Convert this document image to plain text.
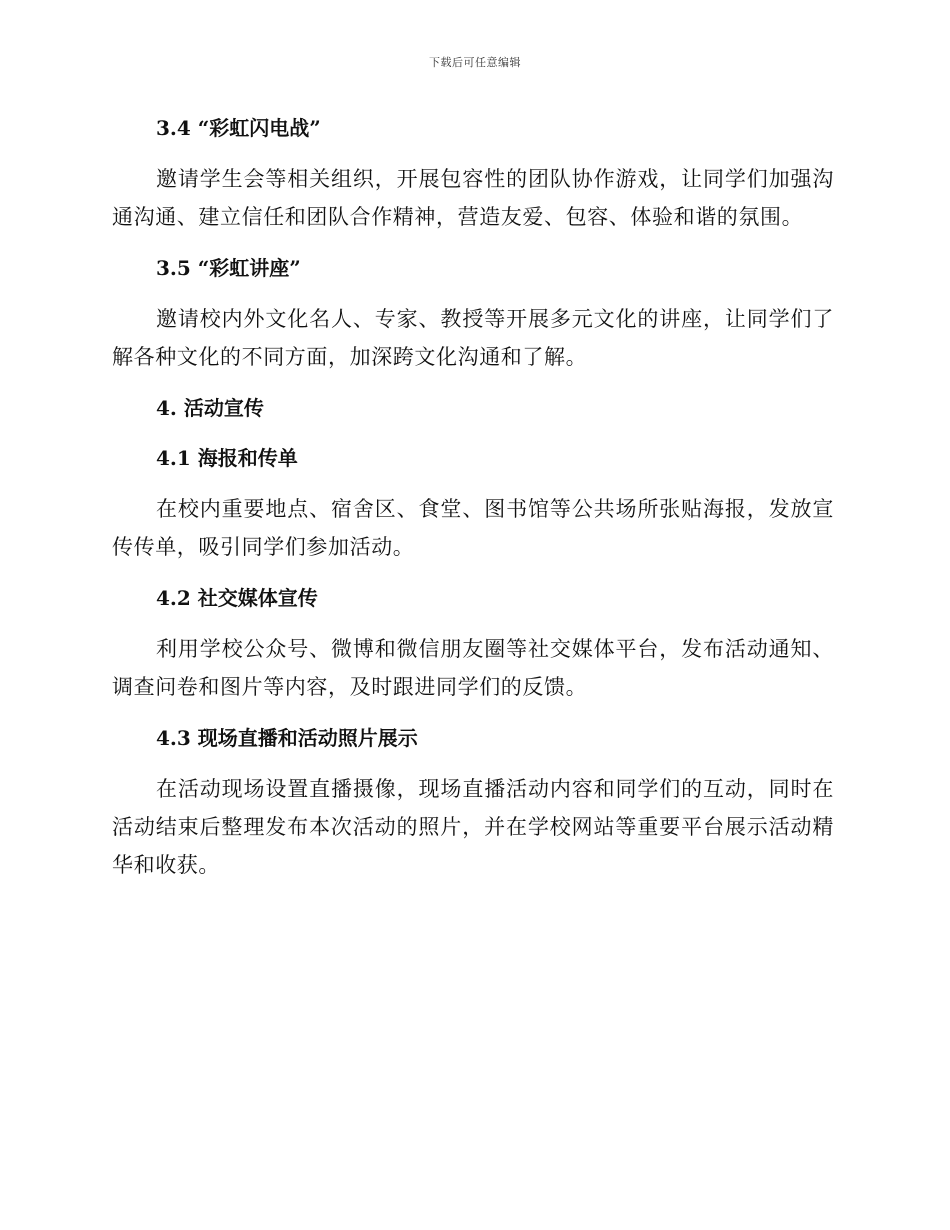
下载后可任意编辑
3.4 “彩虹闪电战”

邀请学生会等相关组织，开展包容性的团队协作游戏，让同学们加强沟通沟通、建立信任和团队合作精神，营造友爱、包容、体验和谐的氛围。

3.5 “彩虹讲座”

邀请校内外文化名人、专家、教授等开展多元文化的讲座，让同学们了解各种文化的不同方面，加深跨文化沟通和了解。

4. 活动宣传
4.1 海报和传单

在校内重要地点、宿舍区、食堂、图书馆等公共场所张贴海报，发放宣传传单，吸引同学们参加活动。

4.2 社交媒体宣传

利用学校公众号、微博和微信朋友圈等社交媒体平台，发布活动通知、调查问卷和图片等内容，及时跟进同学们的反馈。

4.3 现场直播和活动照片展示

在活动现场设置直播摄像，现场直播活动内容和同学们的互动，同时在活动结束后整理发布本次活动的照片，并在学校网站等重要平台展示活动精华和收获。
